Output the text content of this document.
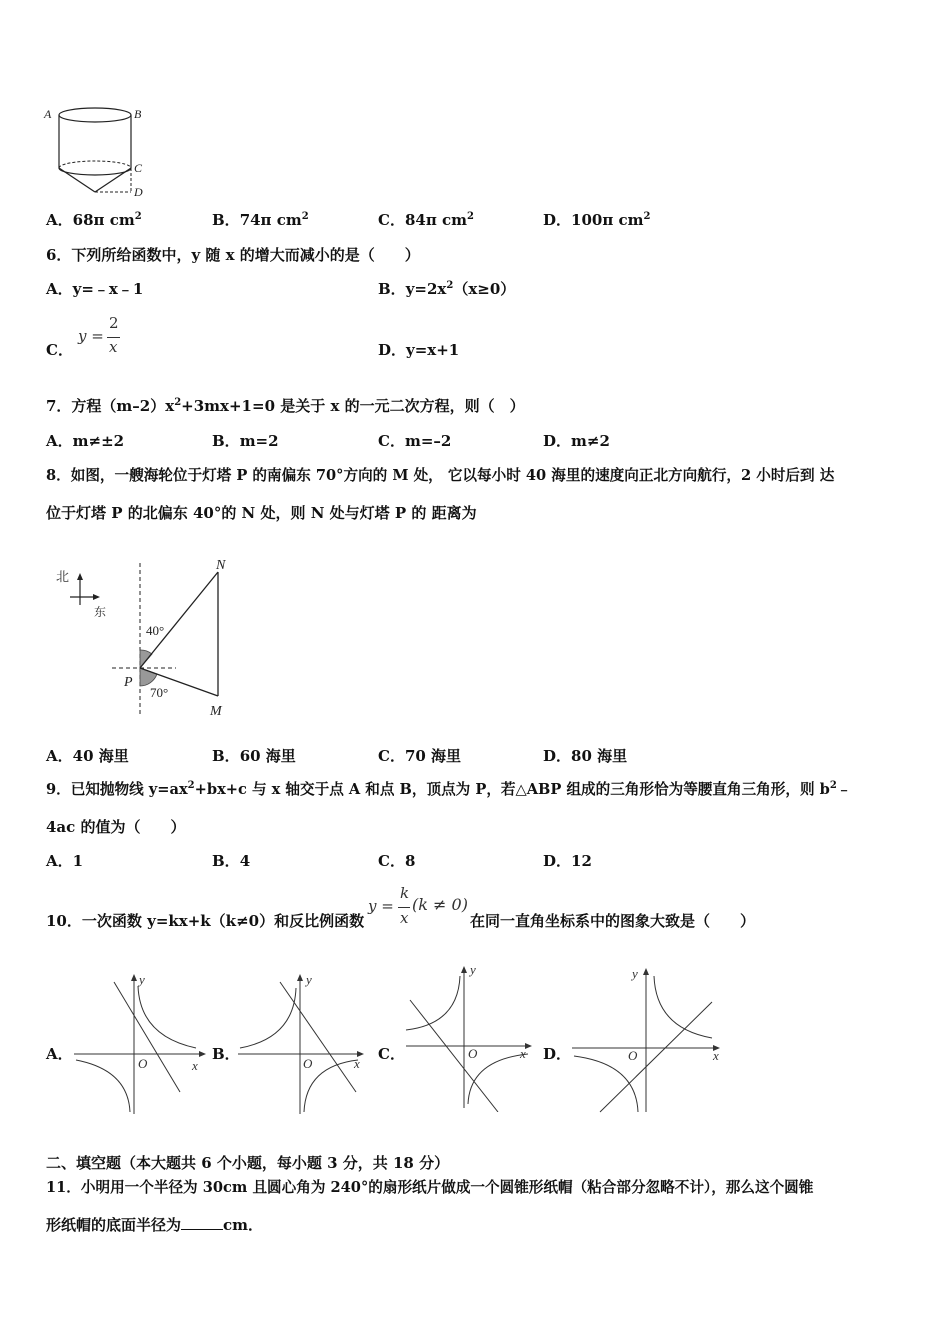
A	B
C
D
A．68π $cm^2$	B．74π $cm^2$	C．84π $cm^2$	D．100π $cm^2$
6．下列所给函数中，y 随 x 的增大而减小的是（　　）
A．y=﹣x﹣1	B．$y=2x^2(x\ge 0)$
C．
y =
2
x	D．y=x+1
7．方程$(m-2)x^2+3mx+1=0$ 是关于 x 的一元二次方程，则（　）
A．m≠±2	B．m=2	C．m=–2	D．m≠2
8．如图，一艘海轮位于灯塔 P 的南偏东 70°方向的 M 处， 它以每小时 40 海里的速度向正北方向航行，2 小时后到 达
位于灯塔 P 的北偏东 40°的 N 处，则 N 处与灯塔 P 的 距离为
北
东
N
M
P
40°
70°
A．40 海里	B．60 海里	C．70 海里	D．80 海里
9．已知抛物线 $y=ax^2+bx+c$ 与 x 轴交于点 A 和点 B，顶点为 P，若△ABP 组成的三角形恰为等腰直角三角形，则 $b^2﹣$
4ac 的值为（　　）
A．1	B．4	C．8	D．12
10．一次函数 y=kx+k（k≠0）和反比例函数
y =
k
x
(k ≠ 0)
在同一直角坐标系中的图象大致是（　　）
A．	B．	C．	D．
y
O	x
y
O	x
y
O	x
y
O	x
二、填空题（本大题共 6 个小题，每小题 3 分，共 18 分）
11．小明用一个半径为 30cm 且圆心角为 240°的扇形纸片做成一个圆锥形纸帽（粘合部分忽略不计），那么这个圆锥
形纸帽的底面半径为	cm．
